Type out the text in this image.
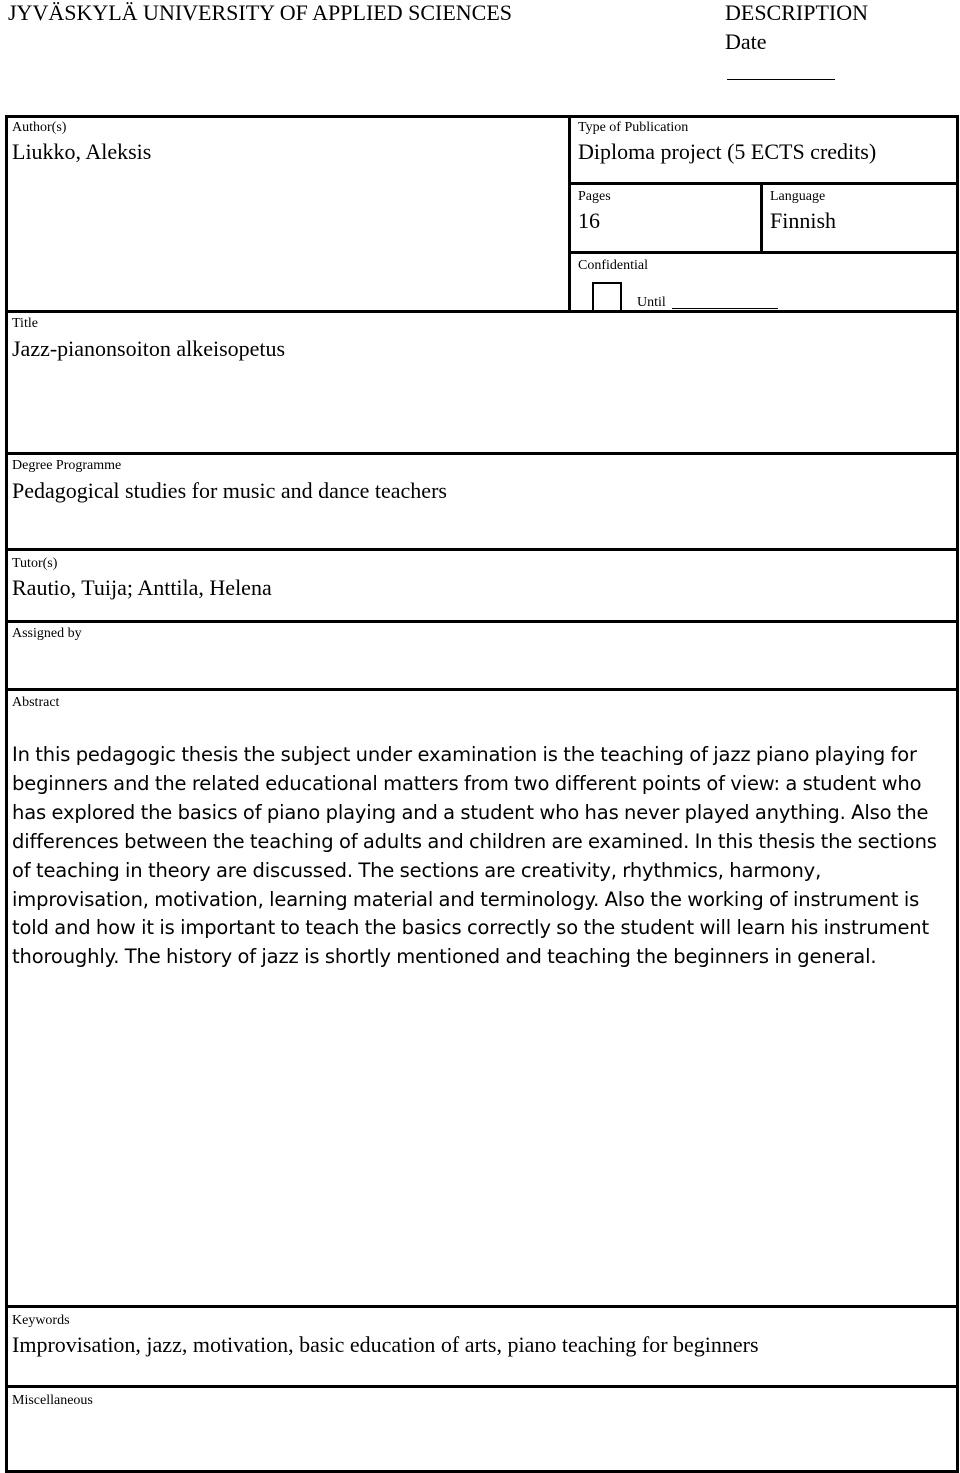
JYVÄSKYLÄ UNIVERSITY OF APPLIED SCIENCES	DESCRIPTION
Date
Author(s)
Liukko, Aleksis
Type of Publication
Diploma project (5 ECTS credits)
Pages
16
Language
Finnish
Confidential
Until
Title
Jazz-pianonsoiton alkeisopetus
Degree Programme
Pedagogical studies for music and dance teachers
Tutor(s)
Rautio, Tuija; Anttila, Helena
Assigned by
Abstract
In this pedagogic thesis the subject under examination is the teaching of jazz piano playing for
beginners and the related educational matters from two different points of view: a student who
has explored the basics of piano playing and a student who has never played anything. Also the
differences between the teaching of adults and children are examined. In this thesis the sections
of teaching in theory are discussed. The sections are creativity, rhythmics, harmony,
improvisation, motivation, learning material and terminology. Also the working of instrument is
told and how it is important to teach the basics correctly so the student will learn his instrument
thoroughly. The history of jazz is shortly mentioned and teaching the beginners in general.
Keywords
Improvisation, jazz, motivation, basic education of arts, piano teaching for beginners
Miscellaneous
